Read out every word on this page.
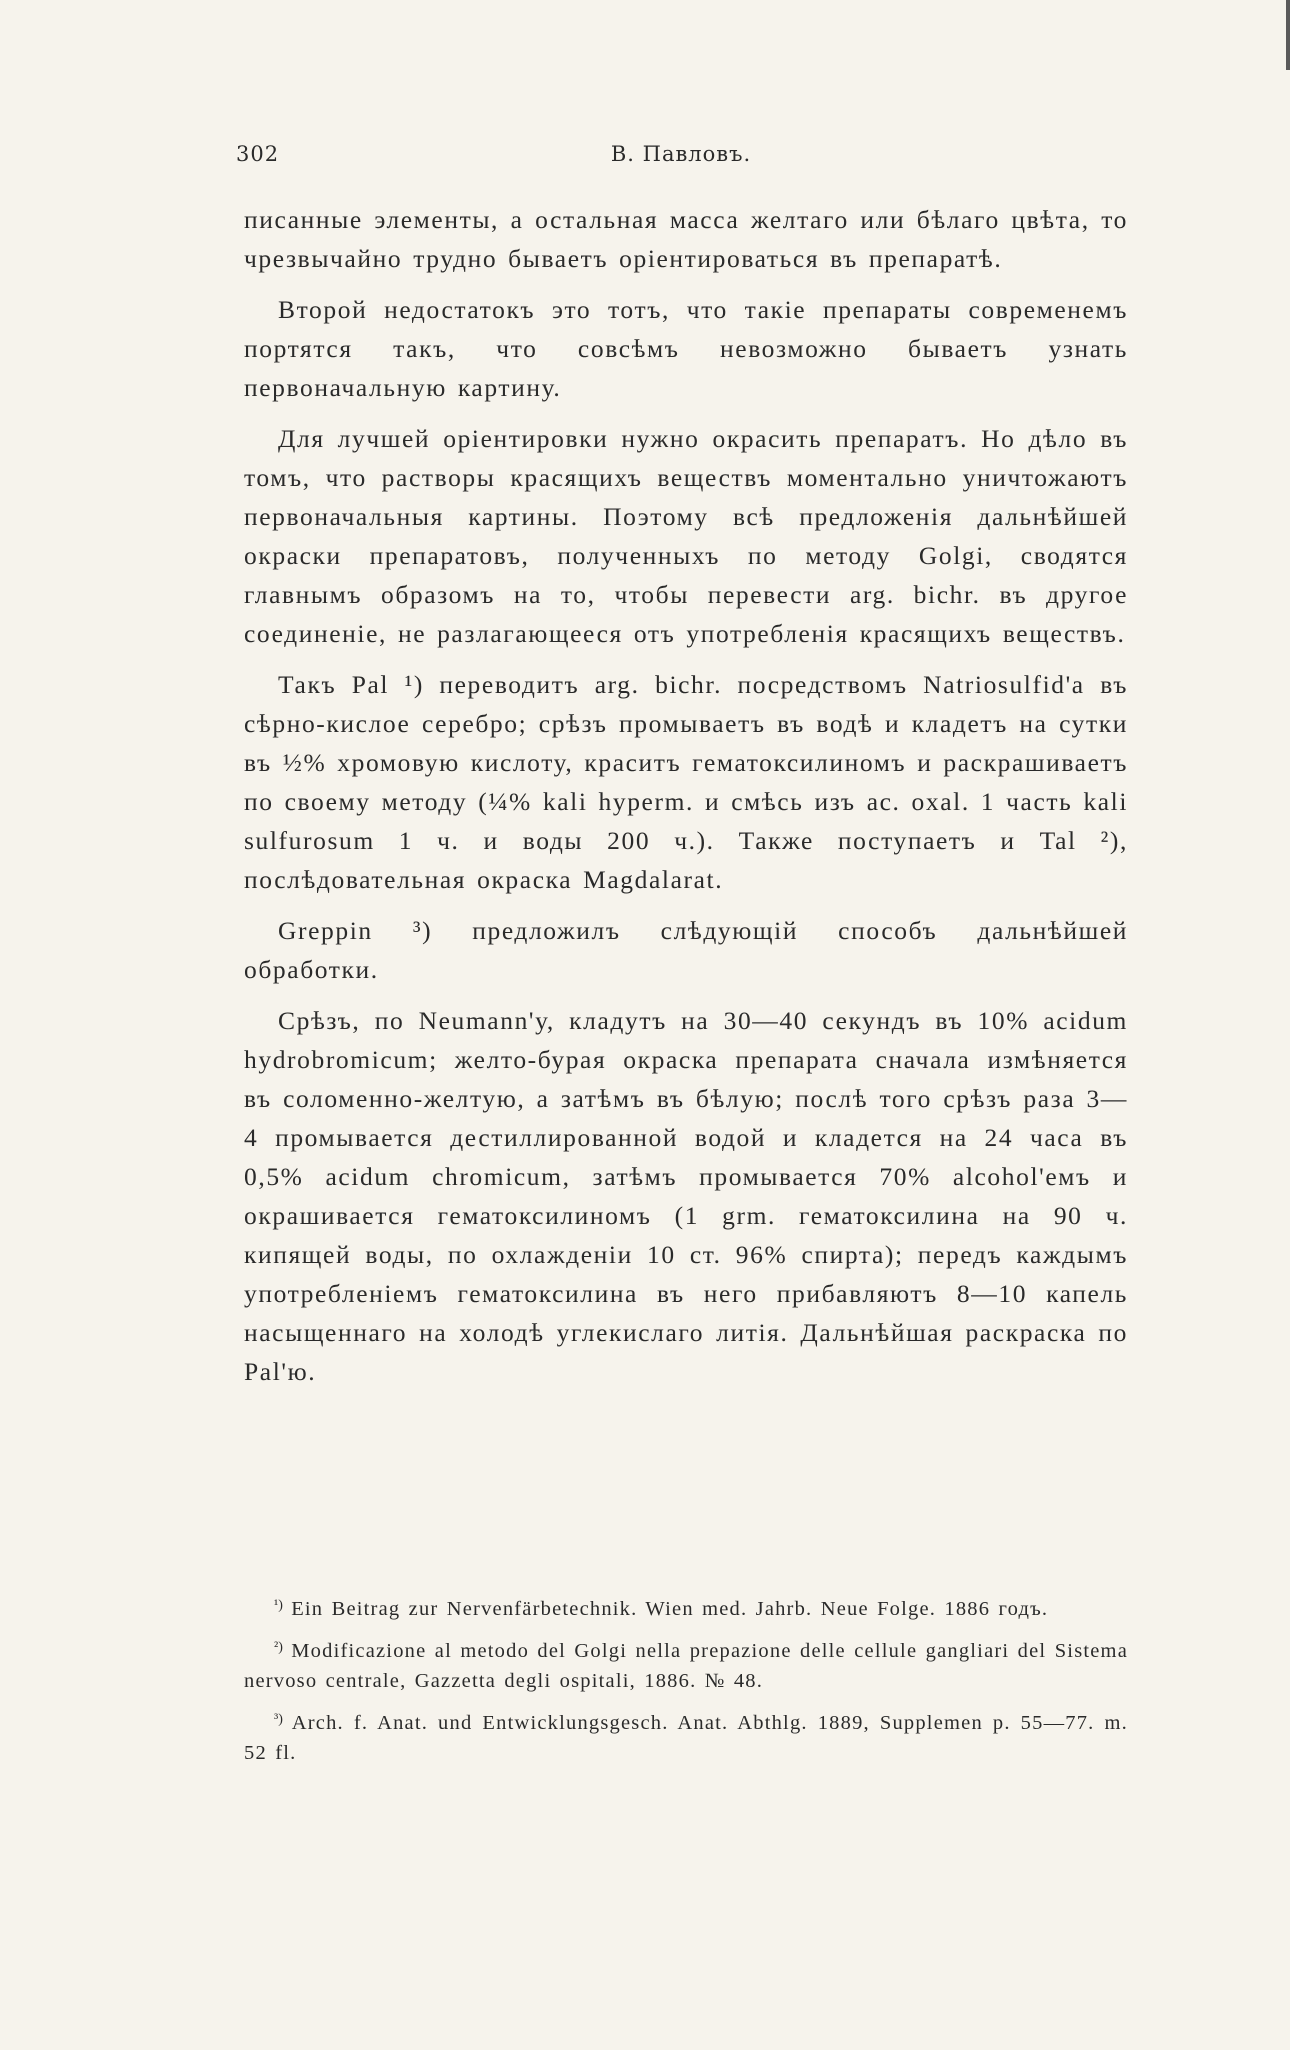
302	В. Павловъ.

писанные элементы, а остальная масса желтаго или бѣлаго цвѣта, то чрезвычайно трудно бываетъ оріентироваться въ препаратѣ.

Второй недостатокъ это тотъ, что такіе препараты современемъ портятся такъ, что совсѣмъ невозможно бываетъ узнать первоначальную картину.

Для лучшей оріентировки нужно окрасить препаратъ. Но дѣло въ томъ, что растворы красящихъ веществъ моментально уничтожаютъ первоначальныя картины. Поэтому всѣ предложенія дальнѣйшей окраски препаратовъ, полученныхъ по методу Golgi, сводятся главнымъ образомъ на то, чтобы перевести arg. bichr. въ другое соединеніе, не разлагающееся отъ употребленія красящихъ веществъ.

Такъ Pal ¹) переводитъ arg. bichr. посредствомъ Natriosulfid'а въ сѣрно-кислое серебро; срѣзъ промываетъ въ водѣ и кладетъ на сутки въ ½% хромовую кислоту, краситъ гематоксилиномъ и раскрашиваетъ по своему методу (¼% kali hyperm. и смѣсь изъ ac. oxal. 1 часть kali sulfurosum 1 ч. и воды 200 ч.). Также поступаетъ и Tal ²), послѣдовательная окраска Magdalarat.

Greppin ³) предложилъ слѣдующій способъ дальнѣйшей обработки.

Срѣзъ, по Neumann'у, кладутъ на 30—40 секундъ въ 10% acidum hydrobromicum; желто-бурая окраска препарата сначала измѣняется въ соломенно-желтую, а затѣмъ въ бѣлую; послѣ того срѣзъ раза 3—4 промывается дестиллированной водой и кладется на 24 часа въ 0,5% acidum chromicum, затѣмъ промывается 70% alcohol'емъ и окрашивается гематоксилиномъ (1 grm. гематоксилина на 90 ч. кипящей воды, по охлажденіи 10 ст. 96% спирта); передъ каждымъ употребленіемъ гематоксилина въ него прибавляютъ 8—10 капель насыщеннаго на холодѣ углекислаго литія. Дальнѣйшая раскраска по Pal'ю.

$^{^1)}$ Ein Beitrag zur Nervenfärbetechnik. Wien med. Jahrb. Neue Folge. 1886 годъ.
$^{^2)}$ Modificazione al metodo del Golgi nella prepazione delle cellule gangliari del Sistema nervoso centrale, Gazzetta degli ospitali, 1886. № 48.
$^{^3)}$ Arch. f. Anat. und Entwicklungsgesch. Anat. Abthlg. 1889, Supplemen p. 55—77. m. 52 fl.
